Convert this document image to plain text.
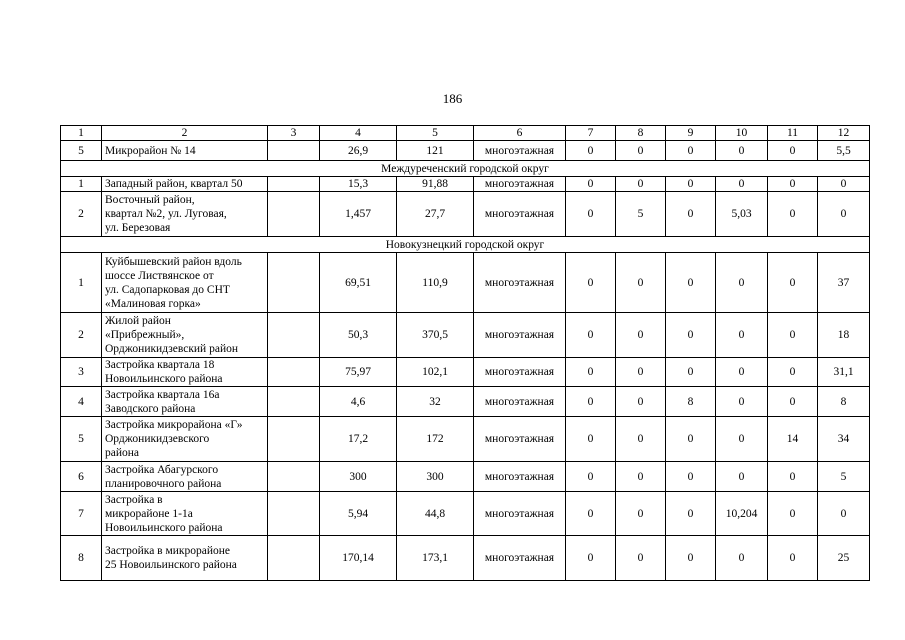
186
1	2	3	4	5	6	7	8	9	10	11	12
5	Микрорайон № 14		26,9	121	многоэтажная	0	0	0	0	0	5,5
Междуреченский городской округ											
1	Западный район, квартал 50		15,3	91,88	многоэтажная	0	0	0	0	0	0
2	Восточный район,
квартал №2, ул. Луговая,
ул. Березовая		1,457	27,7	многоэтажная	0	5	0	5,03	0	0
Новокузнецкий городской округ											
1	Куйбышевский район вдоль
шоссе Листвянское от
ул. Садопарковая до СНТ
«Малиновая горка»		69,51	110,9	многоэтажная	0	0	0	0	0	37
2	Жилой район
«Прибрежный»,
Орджоникидзевский район		50,3	370,5	многоэтажная	0	0	0	0	0	18
3	Застройка квартала 18
Новоильинского района		75,97	102,1	многоэтажная	0	0	0	0	0	31,1
4	Застройка квартала 16а
Заводского района		4,6	32	многоэтажная	0	0	8	0	0	8
5	Застройка микрорайона «Г»
Орджоникидзевского
района		17,2	172	многоэтажная	0	0	0	0	14	34
6	Застройка Абагурского
планировочного района		300	300	многоэтажная	0	0	0	0	0	5
7	Застройка в
микрорайоне 1-1а
Новоильинского района		5,94	44,8	многоэтажная	0	0	0	10,204	0	0
8	Застройка в микрорайоне
25 Новоильинского района		170,14	173,1	многоэтажная	0	0	0	0	0	25
